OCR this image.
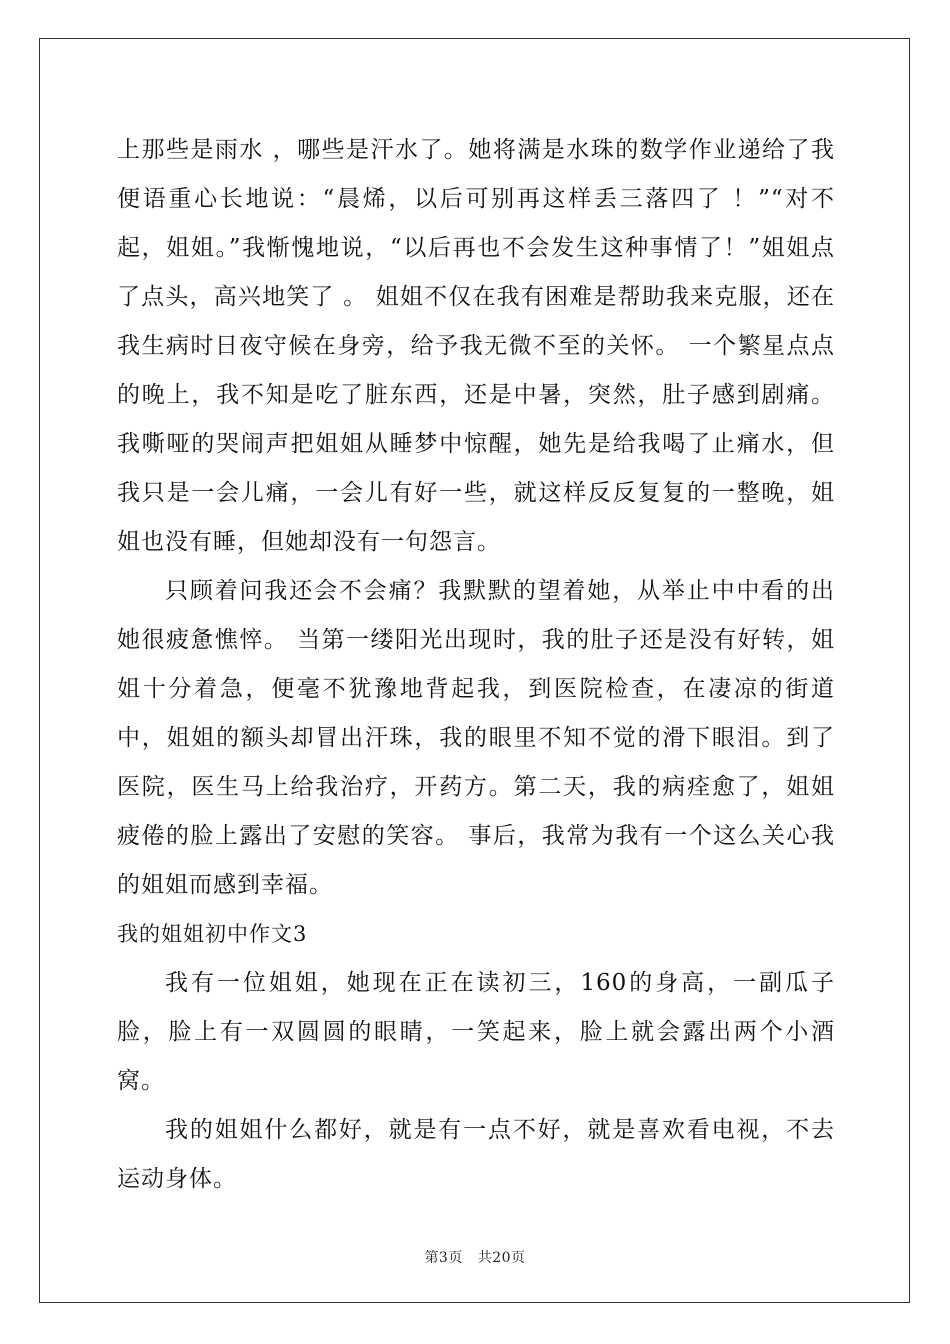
上那些是雨水 ，哪些是汗水了。她将满是水珠的数学作业递给了我便语重心长地说：“晨烯，以后可别再这样丢三落四了 ！”“对不起，姐姐。”我惭愧地说，“以后再也不会发生这种事情了！”姐姐点了点头，高兴地笑了 。 姐姐不仅在我有困难是帮助我来克服，还在我生病时日夜守候在身旁，给予我无微不至的关怀。 一个繁星点点的晚上，我不知是吃了脏东西，还是中暑，突然，肚子感到剧痛。我嘶哑的哭闹声把姐姐从睡梦中惊醒，她先是给我喝了止痛水，但我只是一会儿痛，一会儿有好一些，就这样反反复复的一整晚，姐姐也没有睡，但她却没有一句怨言。

只顾着问我还会不会痛？我默默的望着她，从举止中中看的出她很疲惫憔悴。 当第一缕阳光出现时，我的肚子还是没有好转，姐姐十分着急，便毫不犹豫地背起我，到医院检查，在凄凉的街道中，姐姐的额头却冒出汗珠，我的眼里不知不觉的滑下眼泪。到了医院，医生马上给我治疗，开药方。第二天，我的病痊愈了，姐姐疲倦的脸上露出了安慰的笑容。 事后，我常为我有一个这么关心我的姐姐而感到幸福。

我的姐姐初中作文3

我有一位姐姐，她现在正在读初三，160的身高，一副瓜子脸，脸上有一双圆圆的眼睛，一笑起来，脸上就会露出两个小酒窝。

我的姐姐什么都好，就是有一点不好，就是喜欢看电视，不去运动身体。

第3页 共20页
